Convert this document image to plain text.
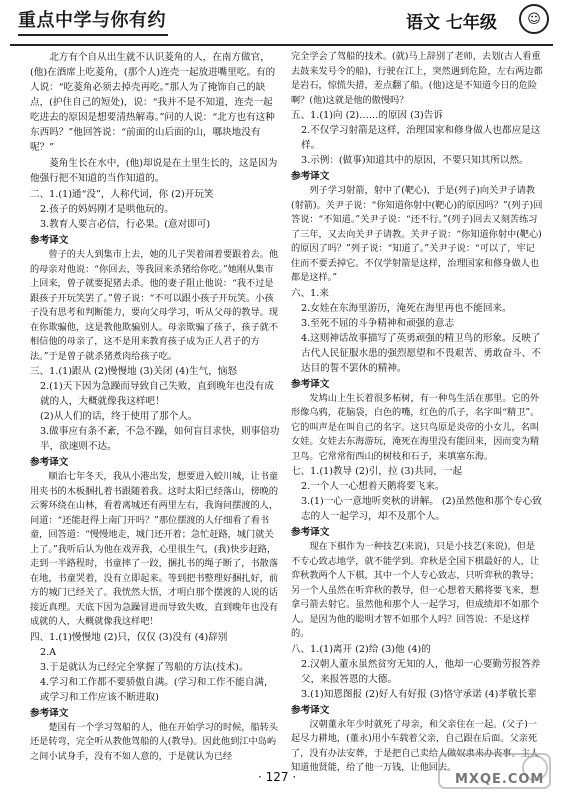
重点中学与你有约	语文 七年级	☺

北方有个自从出生就不认识菱角的人，在南方做官，(他)在酒席上吃菱角，(那个人)连壳一起放进嘴里吃。有的人说：“吃菱角必须去掉壳再吃。”那人为了掩饰自己的缺点，(护住自己的短处)，说：“我并不是不知道，连壳一起吃进去的原因是想要清热解毒。”问的人说：“北方也有这种东西吗？”他回答说：“前面的山后面的山，哪块地没有呢？”

菱角生长在水中，(他)却说是在土里生长的，这是因为他强行把不知道的当作知道的。

二、1.(1)通“没”，人称代词，你 (2)开玩笑

2.孩子的妈妈刚才是哄他玩的。

3.教育人要言必信，行必果。(意对即可)

参考译文

曾子的夫人到集市上去，她的儿子哭着闹着要跟着去。他的母亲对他说：“你回去，等我回来杀猪给你吃。”她刚从集市上回来，曾子就要捉猪去杀。他的妻子阻止他说：“我不过是跟孩子开玩笑罢了。”曾子说：“不可以跟小孩子开玩笑。小孩子没有思考和判断能力，要向父母学习，听从父母的教导。现在你欺骗他，这是教他欺骗别人。母亲欺骗了孩子，孩子就不相信他的母亲了，这不是用来教育孩子成为正人君子的方法。”于是曾子就杀猪煮肉给孩子吃。

三、1.(1)跟从 (2)慢慢地 (3)关闭 (4)生气，恼怒

2.(1)天下因为急躁而导致自己失败，直到晚年也没有成就的人，大概就像我这样吧！

(2)从人们的话，终于使用了那个人。

3.做事应有条不紊，不急不躁，如何盲目求快，则事倍功半，欲速则不达。

参考译文

顺治七年冬天，我从小港出发，想要进入蛟川城，让书童用夹书的木板捆扎着书跟随着我。这时太阳已经落山，傍晚的云雾环绕在山林，看着离城还有两里左右，我询问摆渡的人，问道：“还能赶得上南门开吗？”那位摆渡的人仔细看了看书童，回答道：“慢慢地走，城门还开着；急忙赶路，城门就关上了。”我听后认为他在戏弄我，心里很生气，(我)快步赶路，走到一半路程时，书童摔了一跤，捆扎书的绳子断了，书散落在地，书童哭着，没有立即起来。等到把书整理好捆扎好，前方的城门已经关了。我恍然大悟，才明白那个摆渡的人说的话接近真理。天底下因为急躁冒进而导致失败，直到晚年也没有成就的人，大概就像我这样吧！

四、1.(1)慢慢地 (2)只，仅仅 (3)没有 (4)辞别

2.A

3.于是就认为已经完全掌握了驾船的方法(技术)。

4.学习和工作都不要骄傲自满。(学习和工作不能自满，或学习和工作应该不断进取)

参考译文

楚国有一个学习驾船的人，他在开始学习的时候，船转头还是转弯，完全听从教他驾船的人(教导)。因此他到江中岛屿之间小试身手，没有不如人意的，于是就认为已经

完全学会了驾船的技术。(就)马上辞别了老师，去划(古人看重去鼓来发号令的船)，行驶在江上，突然遇到危险，左右两边都是岩石，惊慌失措，差点翻了船。(他)这是不知道今日的危险啊？(他)这就是他的傲慢吗？

五、1.(1)向 (2)……的原因 (3)告诉

2.不仅学习射箭是这样，治理国家和修身做人也都应是这样。

3.示例：(做事)知道其中的原因，不要只知其所以然。

参考译文

列子学习射箭，射中了(靶心)，于是(列子)向关尹子请教(射箭)。关尹子说：“你知道你射中(靶心)的原因吗？”(列子)回答说：“不知道。”关尹子说：“还不行。”(列子)回去又刻苦练习了三年，又去向关尹子请教。关尹子说：“你知道你射中(靶心)的原因了吗？”列子说：“知道了。”关尹子说：“可以了，牢记住而不要丢掉它。不仅学射箭是这样，治理国家和修身做人也都是这样。”

六、1.来

2.女娃在东海里游历，淹死在海里再也不能回来。

3.至死不屈的斗争精神和顽强的意志

4.这则神话故事描写了英勇顽强的精卫鸟的形象。反映了古代人民征服水患的强烈愿望和不畏艰苦、勇敢奋斗、不达目的誓不罢休的精神。

参考译文

发鸠山上生长着很多柘树，有一种鸟生活在那里。它的外形像乌鸦，花脑袋，白色的嘴，红色的爪子，名字叫“精卫”。它的叫声是在叫自己的名字。这只鸟原是炎帝的小女儿，名叫女娃。女娃去东海游玩，淹死在海里没有能回来，因而变为精卫鸟。它常常衔西山的树枝和石子，来填塞东海。

七、1.(1)教导 (2)引，拉 (3)共同，一起

2.一个人一心想着天鹅将要飞来。

3.(1)一心一意地听奕秋的讲解。 (2)虽然他和那个专心致志的人一起学习，却不及那个人。

参考译文

现在下棋作为一种技艺(来说)，只是小技艺(来说)，但是不专心致志地学，就不能学到。弈秋是全国下棋最好的人，让弈秋教两个人下棋，其中一个人专心致志，只听弈秋的教导；另一个人虽然在听弈秋的教导，但一心想着天鹅将要飞来，想拿弓箭去射它。虽然他和那个人一起学习，但成绩却不如那个人。是因为他的聪明才智不如那个人吗？回答说：不是这样的。

八、1.(1)离开 (2)给 (3)他 (4)的

2.汉朝人董永虽然贫穷无知的人，他却一心要勤劳报答养父，来报答恩的大德。

3.(1)知恩图报 (2)好人有好报 (3)恪守承诺 (4)孝敬长辈

参考译文

汉朝董永年少时就死了母亲，和父亲住在一起。(父子)一起尽力耕地，(董永)用小车载着父亲，自己跟在后面。父亲死了，没有办法安葬，于是把自己卖给人做奴隶来办丧事。主人知道他贤能，给了他一万钱，让他回去。

· 127 ·	MXQE.COM
